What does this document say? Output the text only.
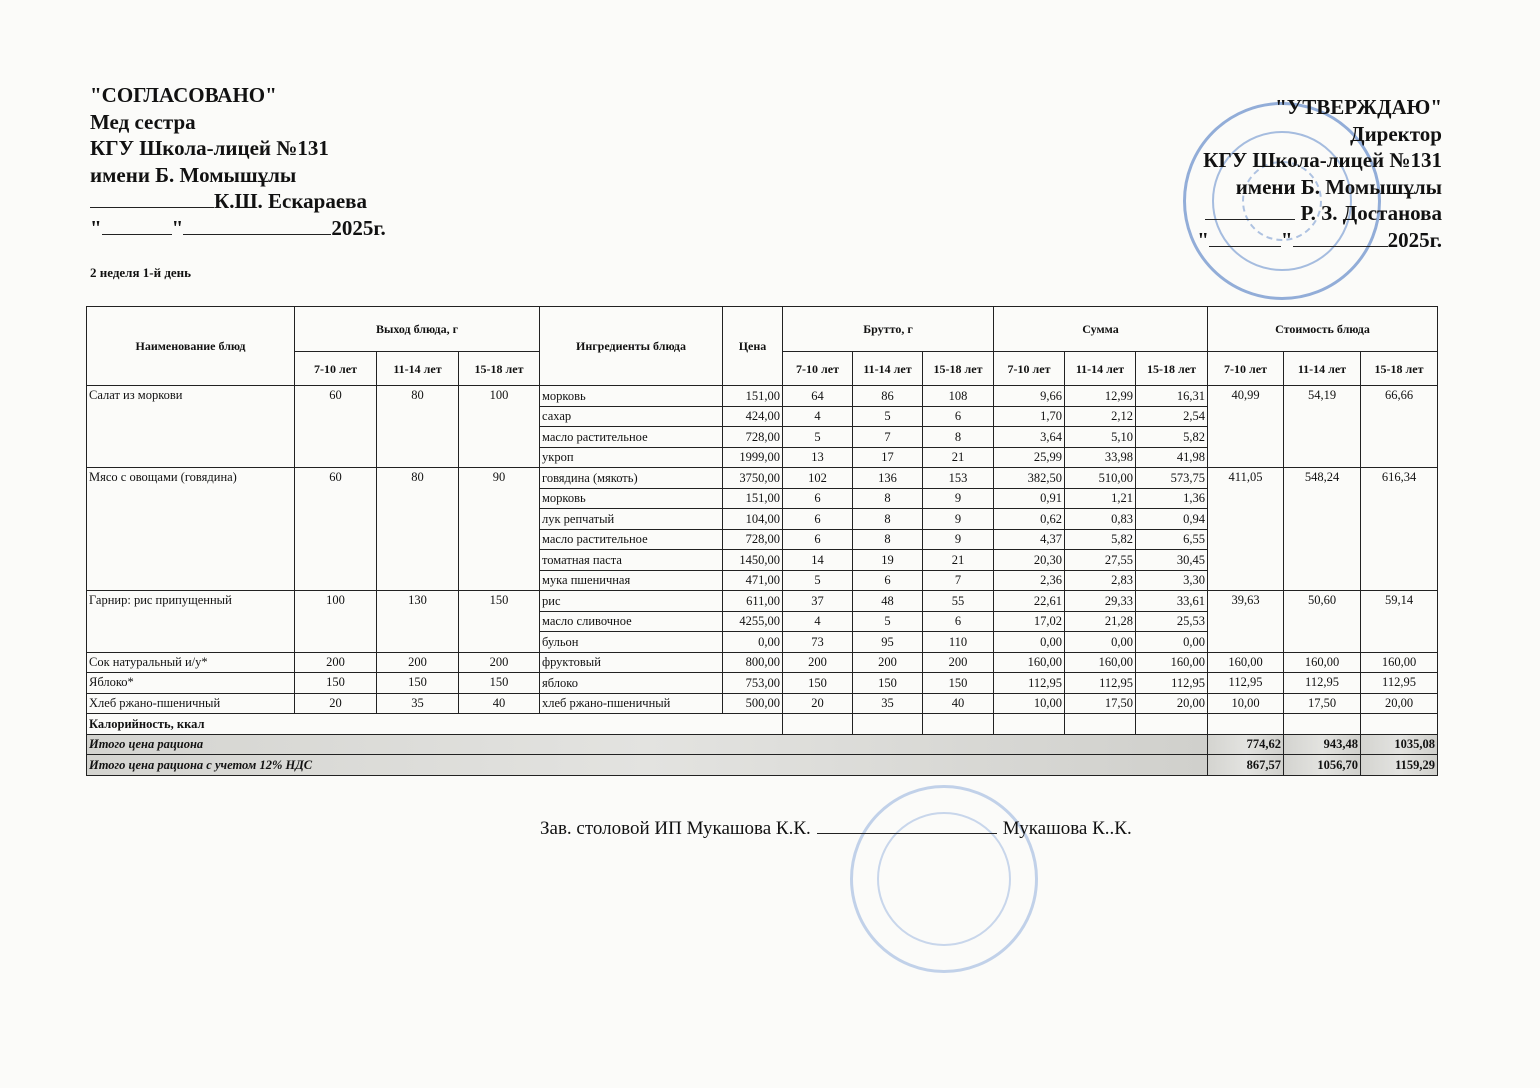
"СОГЛАСОВАНО"
Мед сестра
КГУ Школа-лицей №131
имени Б. Момышұлы
К.Ш. Ескараева
"	"	2025г.
"УТВЕРЖДАЮ"
Директор
КГУ Школа-лицей №131
имени Б. Момышұлы
Р. З. Достанова
"	"	2025г.
2 неделя 1-й день
Наименование блюд	Выход блюда, г			Ингредиенты блюда	Цена	Брутто, г			Сумма			Стоимость блюда		
	7-10 лет	11-14 лет	15-18 лет			7-10 лет	11-14 лет	15-18 лет	7-10 лет	11-14 лет	15-18 лет	7-10 лет	11-14 лет	15-18 лет
Салат из моркови	60	80	100	морковь	151,00	64	86	108	9,66	12,99	16,31	40,99	54,19	66,66
				сахар	424,00	4	5	6	1,70	2,12	2,54			
				масло растительное	728,00	5	7	8	3,64	5,10	5,82			
				укроп	1999,00	13	17	21	25,99	33,98	41,98			
Мясо с овощами (говядина)	60	80	90	говядина (мякоть)	3750,00	102	136	153	382,50	510,00	573,75	411,05	548,24	616,34
				морковь	151,00	6	8	9	0,91	1,21	1,36			
				лук репчатый	104,00	6	8	9	0,62	0,83	0,94			
				масло растительное	728,00	6	8	9	4,37	5,82	6,55			
				томатная паста	1450,00	14	19	21	20,30	27,55	30,45			
				мука пшеничная	471,00	5	6	7	2,36	2,83	3,30			
Гарнир: рис припущенный	100	130	150	рис	611,00	37	48	55	22,61	29,33	33,61	39,63	50,60	59,14
				масло сливочное	4255,00	4	5	6	17,02	21,28	25,53			
				бульон	0,00	73	95	110	0,00	0,00	0,00			
Сок натуральный и/у*	200	200	200	фруктовый	800,00	200	200	200	160,00	160,00	160,00	160,00	160,00	160,00
Яблоко*	150	150	150	яблоко	753,00	150	150	150	112,95	112,95	112,95	112,95	112,95	112,95
Хлеб ржано-пшеничный	20	35	40	хлеб ржано-пшеничный	500,00	20	35	40	10,00	17,50	20,00	10,00	17,50	20,00
Калорийность, ккал														
Итого цена рациона												774,62	943,48	1035,08
Итого цена рациона с учетом 12% НДС												867,57	1056,70	1159,29
Зав. столовой ИП Мукашова К.К.	Мукашова К..К.
